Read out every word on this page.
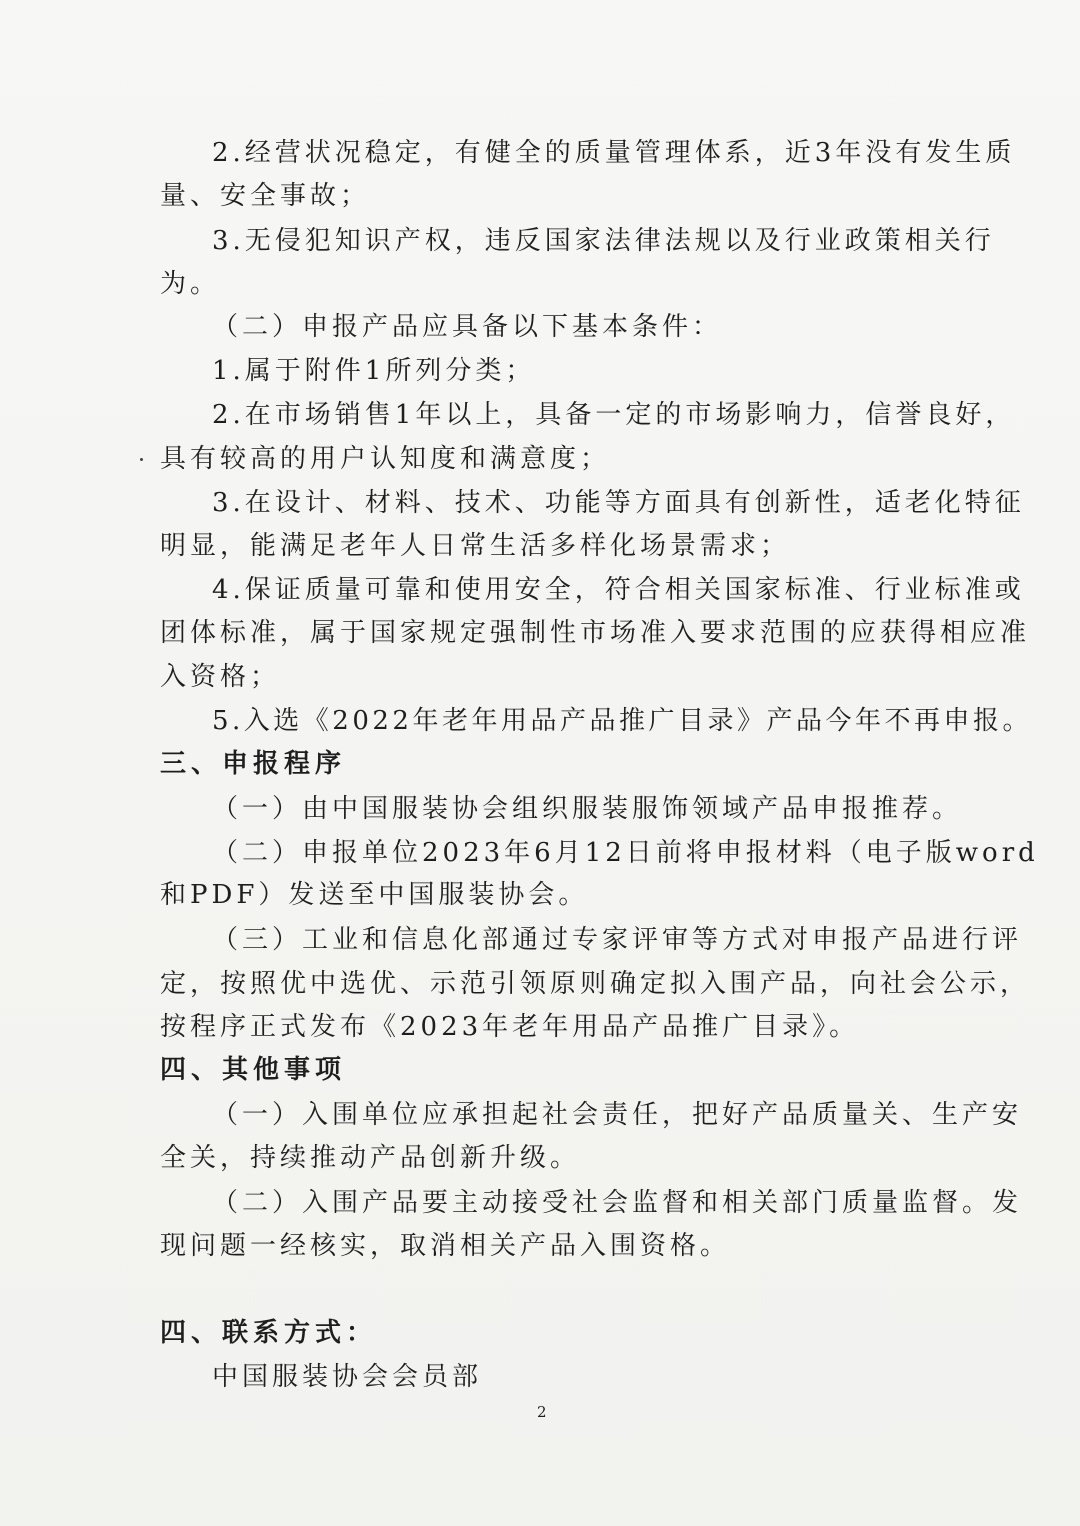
2.经营状况稳定，有健全的质量管理体系，近3年没有发生质
量、安全事故；
3.无侵犯知识产权，违反国家法律法规以及行业政策相关行
为。
（二）申报产品应具备以下基本条件：
1.属于附件1所列分类；
2.在市场销售1年以上，具备一定的市场影响力，信誉良好，
具有较高的用户认知度和满意度；
3.在设计、材料、技术、功能等方面具有创新性，适老化特征
明显，能满足老年人日常生活多样化场景需求；
4.保证质量可靠和使用安全，符合相关国家标准、行业标准或
团体标准，属于国家规定强制性市场准入要求范围的应获得相应准
入资格；
5.入选《2022年老年用品产品推广目录》产品今年不再申报。
三、申报程序
（一）由中国服装协会组织服装服饰领域产品申报推荐。
（二）申报单位2023年6月12日前将申报材料（电子版word
和PDF）发送至中国服装协会。
（三）工业和信息化部通过专家评审等方式对申报产品进行评
定，按照优中选优、示范引领原则确定拟入围产品，向社会公示，
按程序正式发布《2023年老年用品产品推广目录》。
四、其他事项
（一）入围单位应承担起社会责任，把好产品质量关、生产安
全关，持续推动产品创新升级。
（二）入围产品要主动接受社会监督和相关部门质量监督。发
现问题一经核实，取消相关产品入围资格。
四、联系方式：
中国服装协会会员部
2
